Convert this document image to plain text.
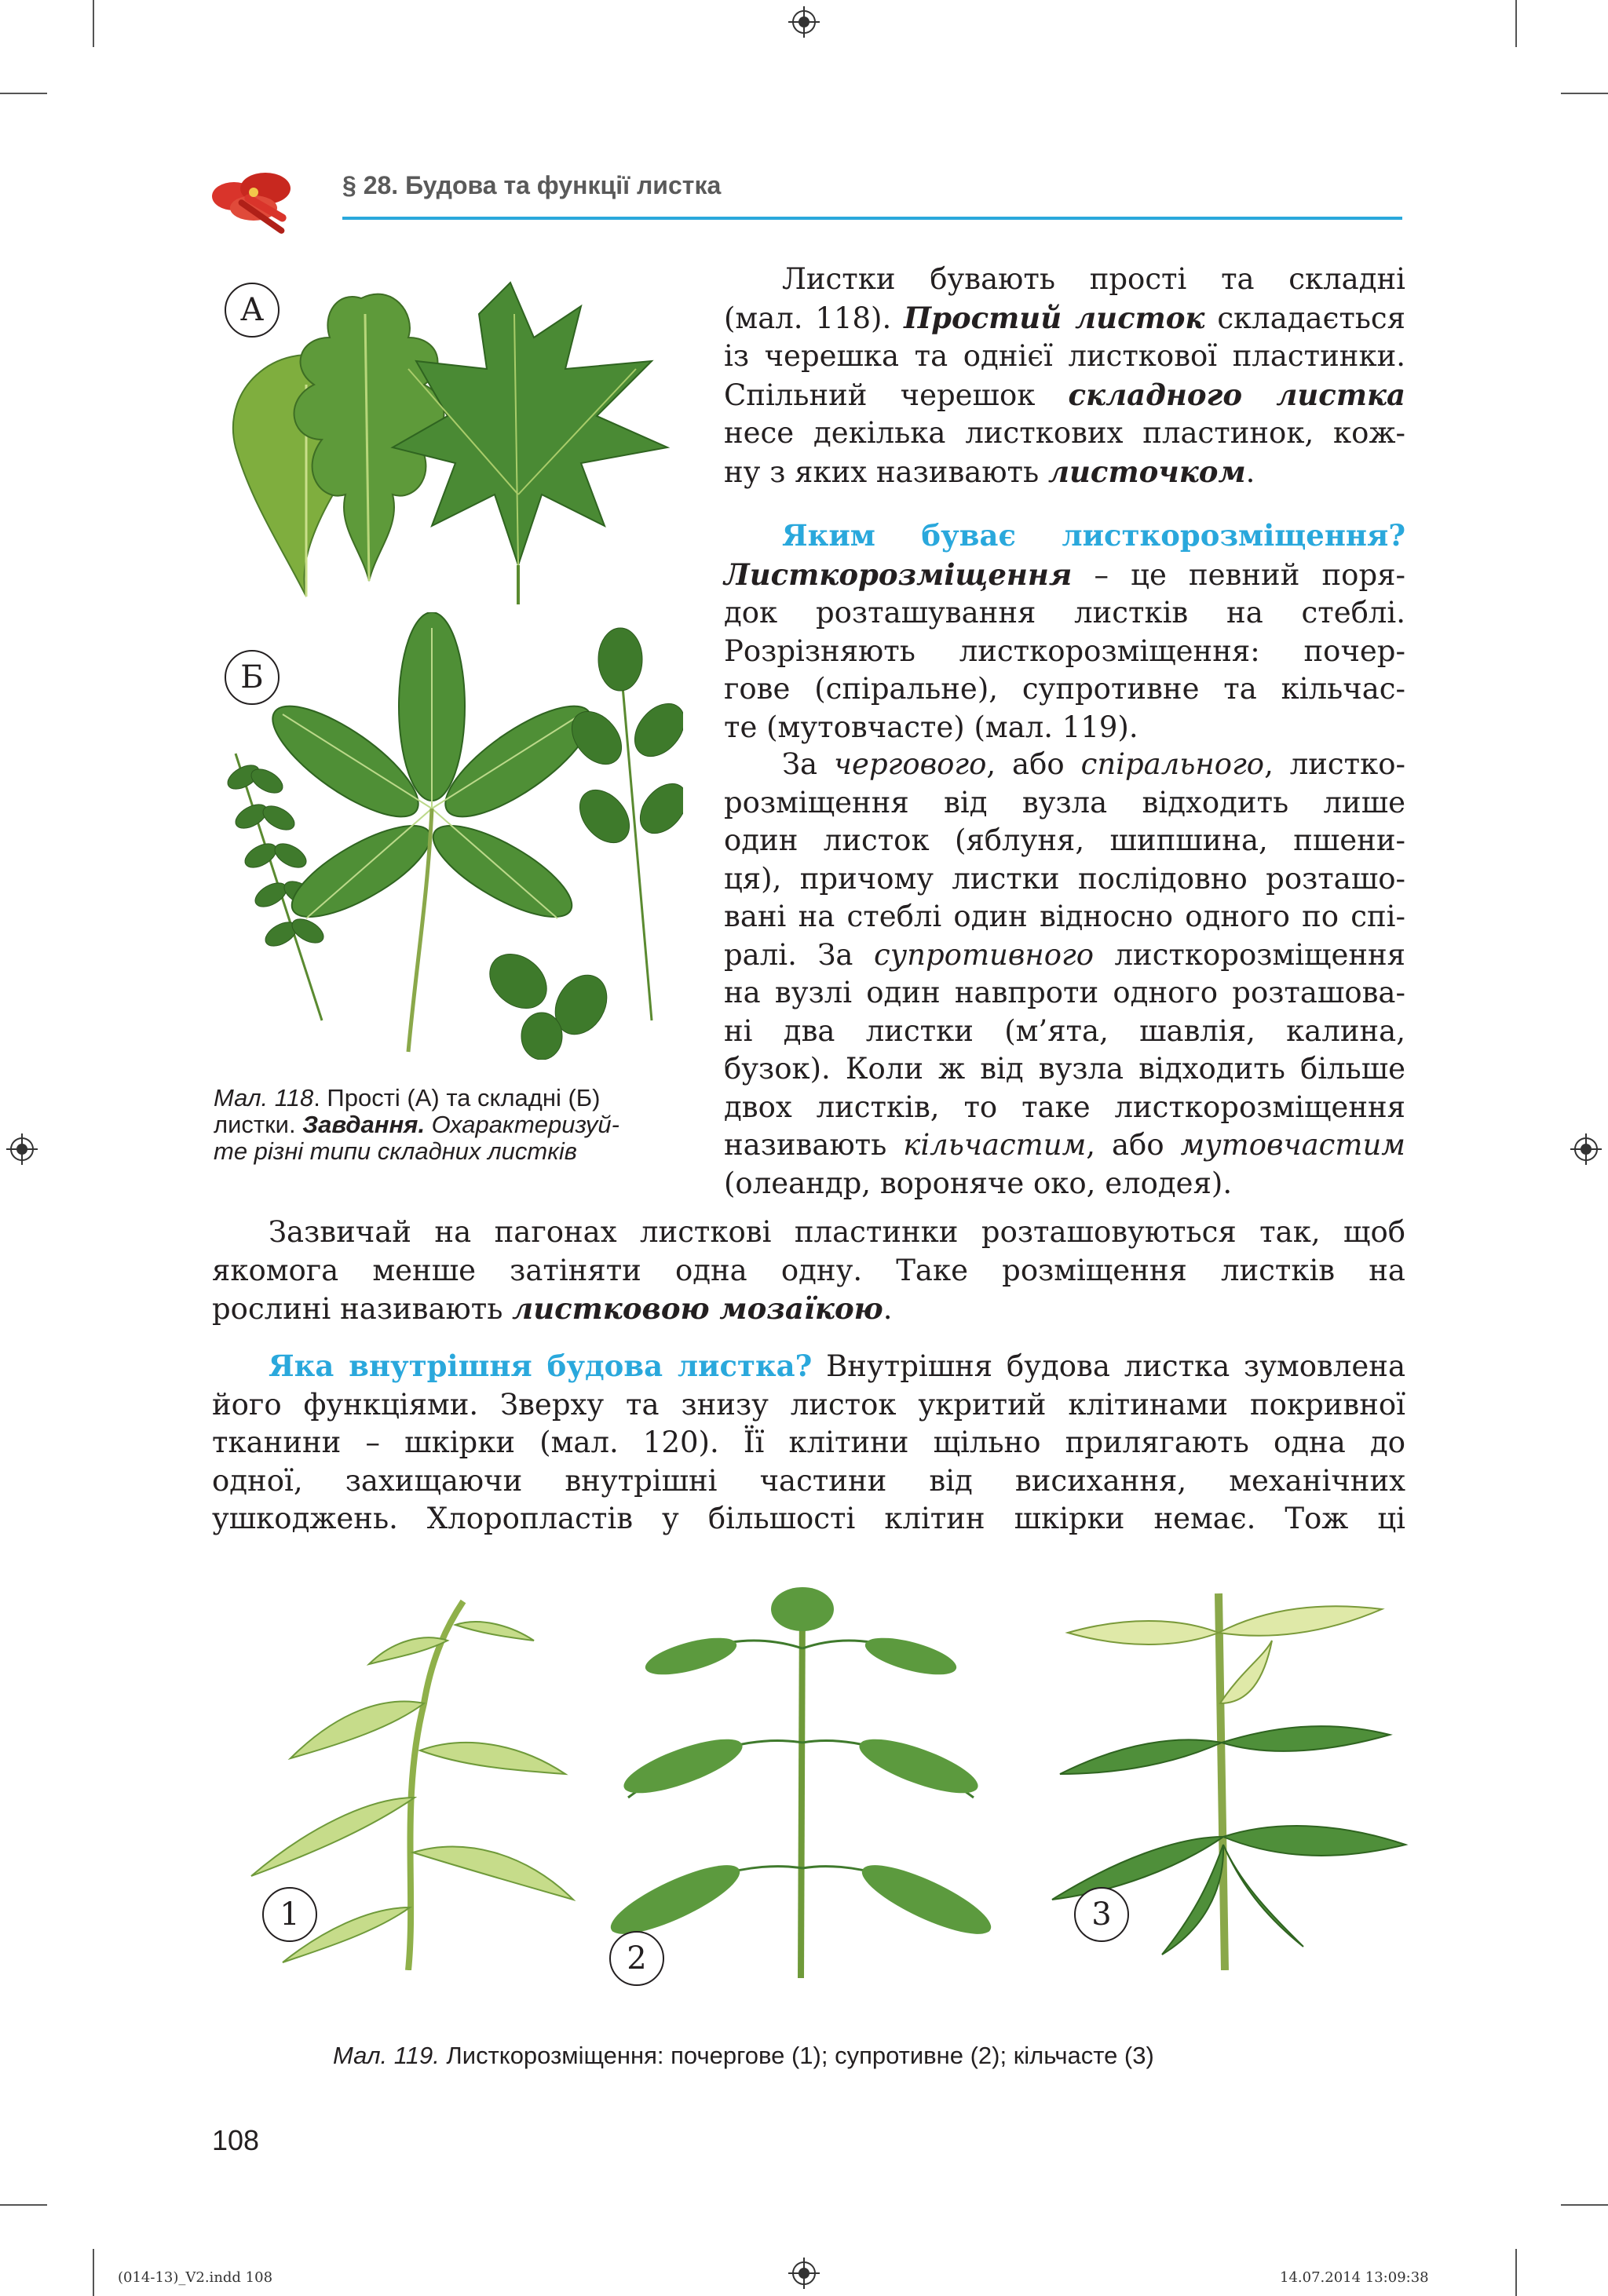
§ 28. Будова та функції листка
А
Б
Мал. 118. Прості (А) та складні (Б)
листки. Завдання. Охарактеризуй-
те різні типи складних листків
Листки бувають прості та складні
(мал. 118). Простий листок складається
із черешка та однієї листкової пластинки.
Спільний черешок складного листка
несе декілька листкових пластинок, кож-
ну з яких називають листочком.
Яким буває листкорозміщення?
Листкорозміщення – це певний поря-
док розташування листків на стеблі.
Розрізняють листкорозміщення: почер-
гове (спіральне), супротивне та кільчас-
те (мутовчасте) (мал. 119).
За чергового, або спірального, листко-
розміщення від вузла відходить лише
один листок (яблуня, шипшина, пшени-
ця), причому листки послідовно розташо-
вані на стеблі один відносно одного по спі-
ралі. За супротивного листкорозміщення
на вузлі один навпроти одного розташова-
ні два листки (м’ята, шавлія, калина,
бузок). Коли ж від вузла відходить більше
двох листків, то таке листкорозміщення
називають кільчастим, або мутовчастим
(олеандр, вороняче око, елодея).
Зазвичай на пагонах листкові пластинки розташовуються так, щоб
якомога менше затіняти одна одну. Таке розміщення листків на
рослині називають листковою мозаїкою.
Яка внутрішня будова листка? Внутрішня будова листка зумовлена
його функціями. Зверху та знизу листок укритий клітинами покривної
тканини – шкірки (мал. 120). Її клітини щільно прилягають одна до
одної, захищаючи внутрішні частини від висихання, механічних
ушкоджень. Хлоропластів у більшості клітин шкірки немає. Тож ці
1
2
3
Мал. 119. Листкорозміщення: почергове (1); супротивне (2); кільчасте (3)
108
(014-13)_V2.indd 108	14.07.2014 13:09:38
